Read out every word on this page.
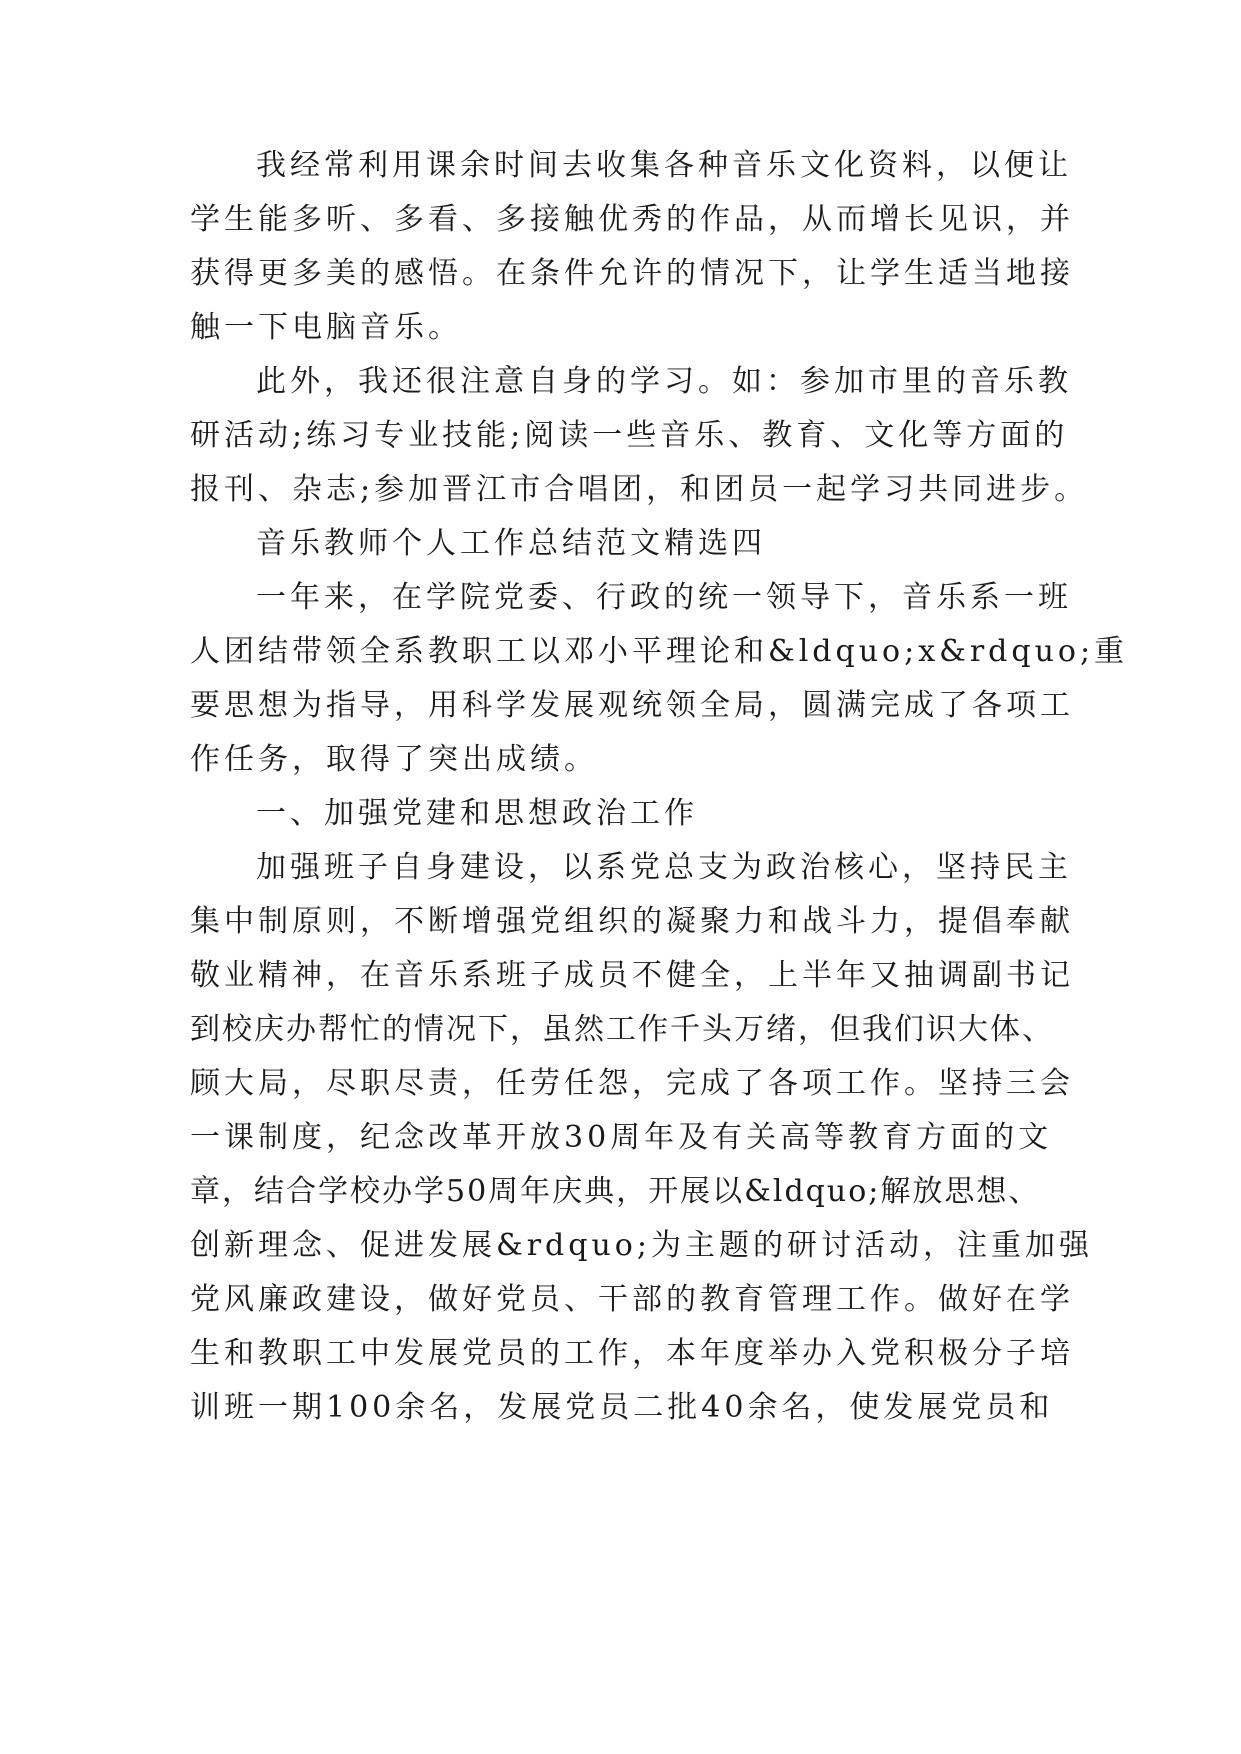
我经常利用课余时间去收集各种音乐文化资料，以便让

学生能多听、多看、多接触优秀的作品，从而增长见识，并

获得更多美的感悟。在条件允许的情况下，让学生适当地接

触一下电脑音乐。

此外，我还很注意自身的学习。如：参加市里的音乐教

研活动;练习专业技能;阅读一些音乐、教育、文化等方面的

报刊、杂志;参加晋江市合唱团，和团员一起学习共同进步。

音乐教师个人工作总结范文精选四

一年来，在学院党委、行政的统一领导下，音乐系一班

人团结带领全系教职工以邓小平理论和&ldquo;x&rdquo;重

要思想为指导，用科学发展观统领全局，圆满完成了各项工

作任务，取得了突出成绩。

一、加强党建和思想政治工作

加强班子自身建设，以系党总支为政治核心，坚持民主

集中制原则，不断增强党组织的凝聚力和战斗力，提倡奉献

敬业精神，在音乐系班子成员不健全，上半年又抽调副书记

到校庆办帮忙的情况下，虽然工作千头万绪，但我们识大体、

顾大局，尽职尽责，任劳任怨，完成了各项工作。坚持三会

一课制度，纪念改革开放30周年及有关高等教育方面的文

章，结合学校办学50周年庆典，开展以&ldquo;解放思想、

创新理念、促进发展&rdquo;为主题的研讨活动，注重加强

党风廉政建设，做好党员、干部的教育管理工作。做好在学

生和教职工中发展党员的工作，本年度举办入党积极分子培

训班一期100余名，发展党员二批40余名，使发展党员和
